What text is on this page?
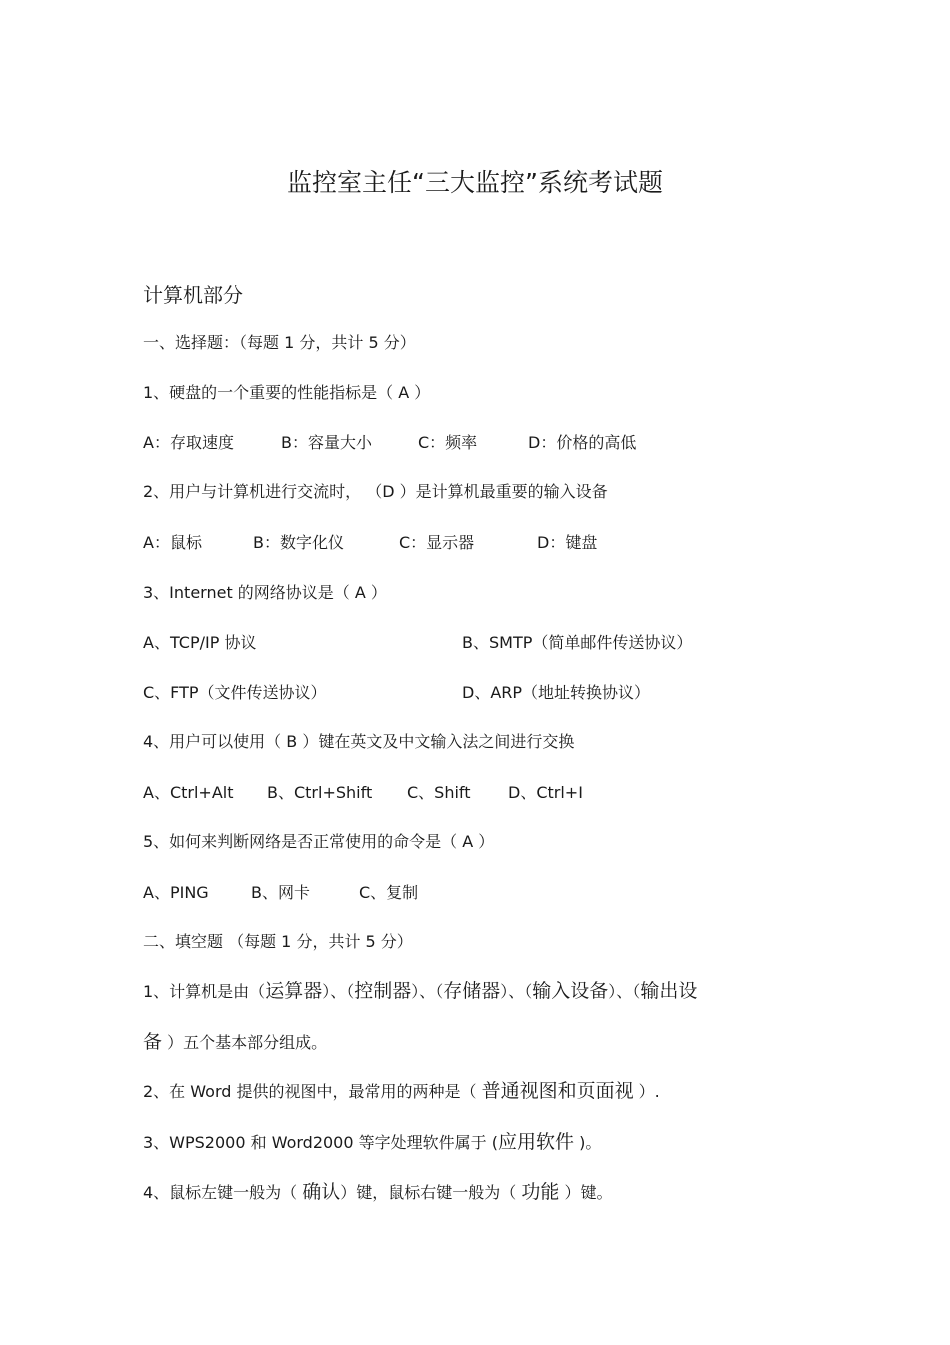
监控室主任“三大监控”系统考试题
计算机部分
一、选择题：（每题 1 分，共计 5 分）
1、硬盘的一个重要的性能指标是（ A ）
A：存取速度	B：容量大小	C：频率	D：价格的高低
2、用户与计算机进行交流时， （D ）是计算机最重要的输入设备
A：鼠标	B：数字化仪	C：显示器	D：键盘
3、Internet 的网络协议是（ A ）
A、TCP/IP 协议	B、SMTP（简单邮件传送协议）
C、FTP（文件传送协议）	D、ARP（地址转换协议）
4、用户可以使用（ B ）键在英文及中文输入法之间进行交换
A、Ctrl+Alt B、Ctrl+Shift C、Shift D、Ctrl+I
5、如何来判断网络是否正常使用的命令是（ A ）
A、PING	B、网卡	C、复制
二、填空题 （每题 1 分，共计 5 分）
1、计算机是由（运算器）、（控制器）、（存储器）、（输入设备）、（输出设
备 ）五个基本部分组成。
2、在 Word 提供的视图中，最常用的两种是（ 普通视图和页面视 ）.
3、WPS2000 和 Word2000 等字处理软件属于 (应用软件 )。
4、鼠标左键一般为（ 确认）键，鼠标右键一般为（ 功能 ）键。
